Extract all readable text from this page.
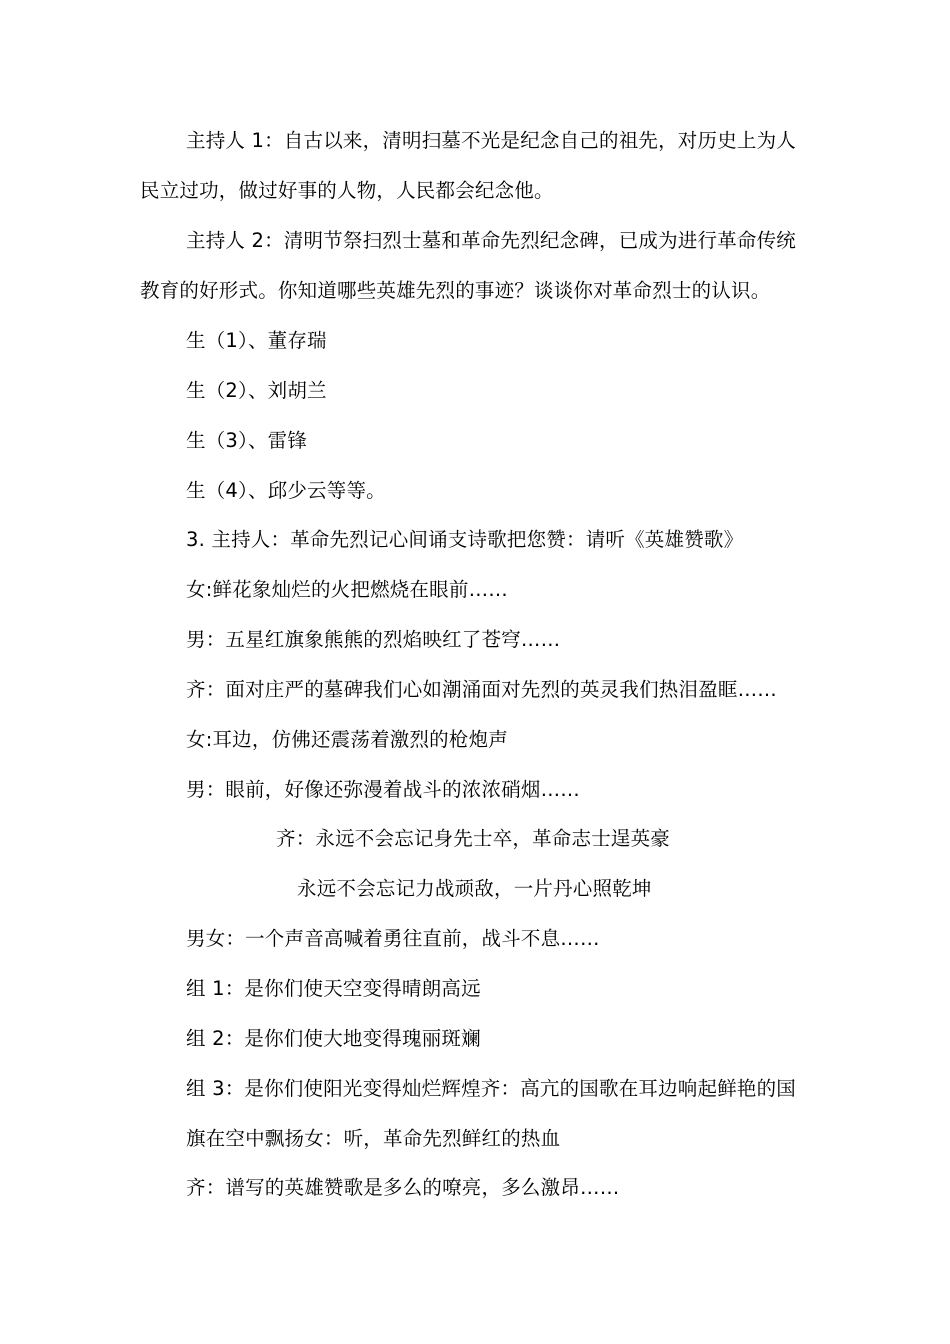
主持人 1：自古以来，清明扫墓不光是纪念自己的祖先，对历史上为人
民立过功，做过好事的人物，人民都会纪念他。
主持人 2：清明节祭扫烈士墓和革命先烈纪念碑，已成为进行革命传统
教育的好形式。你知道哪些英雄先烈的事迹？谈谈你对革命烈士的认识。
生（1）、董存瑞
生（2）、刘胡兰
生（3）、雷锋
生（4）、邱少云等等。
3. 主持人：革命先烈记心间诵支诗歌把您赞：请听《英雄赞歌》
女:鲜花象灿烂的火把燃烧在眼前……
男：五星红旗象熊熊的烈焰映红了苍穹……
齐：面对庄严的墓碑我们心如潮涌面对先烈的英灵我们热泪盈眶……
女:耳边，仿佛还震荡着激烈的枪炮声
男：眼前，好像还弥漫着战斗的浓浓硝烟……
齐：永远不会忘记身先士卒，革命志士逞英豪
永远不会忘记力战顽敌，一片丹心照乾坤
男女：一个声音高喊着勇往直前，战斗不息……
组 1：是你们使天空变得晴朗高远
组 2：是你们使大地变得瑰丽斑斓
组 3：是你们使阳光变得灿烂辉煌齐：高亢的国歌在耳边响起鲜艳的国
旗在空中飘扬女：听，革命先烈鲜红的热血
齐：谱写的英雄赞歌是多么的嘹亮，多么激昂……
